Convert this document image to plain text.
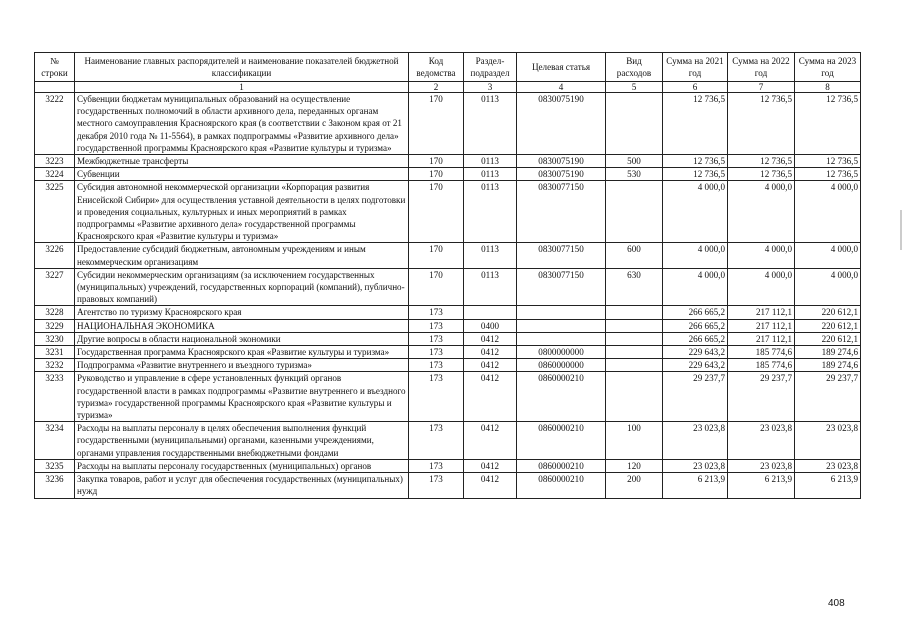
№ строки	Наименование главных распорядителей и наименование показателей бюджетной классификации	Код ведомства	Раздел-подраздел	Целевая статья	Вид расходов	Сумма на 2021 год	Сумма на 2022 год	Сумма на 2023 год
	1	2	3	4	5	6	7	8
3222	Субвенции бюджетам муниципальных образований на осуществление государственных полномочий в области архивного дела, переданных органам местного самоуправления Красноярского края (в соответствии с Законом края от 21 декабря 2010 года № 11-5564), в рамках подпрограммы «Развитие архивного дела» государственной программы Красноярского края «Развитие культуры и туризма»	170	0113	0830075190		12 736,5	12 736,5	12 736,5
3223	Межбюджетные трансферты	170	0113	0830075190	500	12 736,5	12 736,5	12 736,5
3224	Субвенции	170	0113	0830075190	530	12 736,5	12 736,5	12 736,5
3225	Субсидия автономной некоммерческой организации «Корпорация развития Енисейской Сибири» для осуществления уставной деятельности в целях подготовки и проведения социальных, культурных и иных мероприятий в рамках подпрограммы «Развитие архивного дела» государственной программы Красноярского края «Развитие культуры и туризма»	170	0113	0830077150		4 000,0	4 000,0	4 000,0
3226	Предоставление субсидий бюджетным, автономным учреждениям и иным некоммерческим организациям	170	0113	0830077150	600	4 000,0	4 000,0	4 000,0
3227	Субсидии некоммерческим организациям (за исключением государственных (муниципальных) учреждений, государственных корпораций (компаний), публично-правовых компаний)	170	0113	0830077150	630	4 000,0	4 000,0	4 000,0
3228	Агентство по туризму Красноярского края	173				266 665,2	217 112,1	220 612,1
3229	НАЦИОНАЛЬНАЯ ЭКОНОМИКА	173	0400			266 665,2	217 112,1	220 612,1
3230	Другие вопросы в области национальной экономики	173	0412			266 665,2	217 112,1	220 612,1
3231	Государственная программа Красноярского края «Развитие культуры и туризма»	173	0412	0800000000		229 643,2	185 774,6	189 274,6
3232	Подпрограмма «Развитие внутреннего и въездного туризма»	173	0412	0860000000		229 643,2	185 774,6	189 274,6
3233	Руководство и управление в сфере установленных функций органов государственной власти в рамках подпрограммы «Развитие внутреннего и въездного туризма» государственной программы Красноярского края «Развитие культуры и туризма»	173	0412	0860000210		29 237,7	29 237,7	29 237,7
3234	Расходы на выплаты персоналу в целях обеспечения выполнения функций государственными (муниципальными) органами, казенными учреждениями, органами управления государственными внебюджетными фондами	173	0412	0860000210	100	23 023,8	23 023,8	23 023,8
3235	Расходы на выплаты персоналу государственных (муниципальных) органов	173	0412	0860000210	120	23 023,8	23 023,8	23 023,8
3236	Закупка товаров, работ и услуг для обеспечения государственных (муниципальных) нужд	173	0412	0860000210	200	6 213,9	6 213,9	6 213,9
408
